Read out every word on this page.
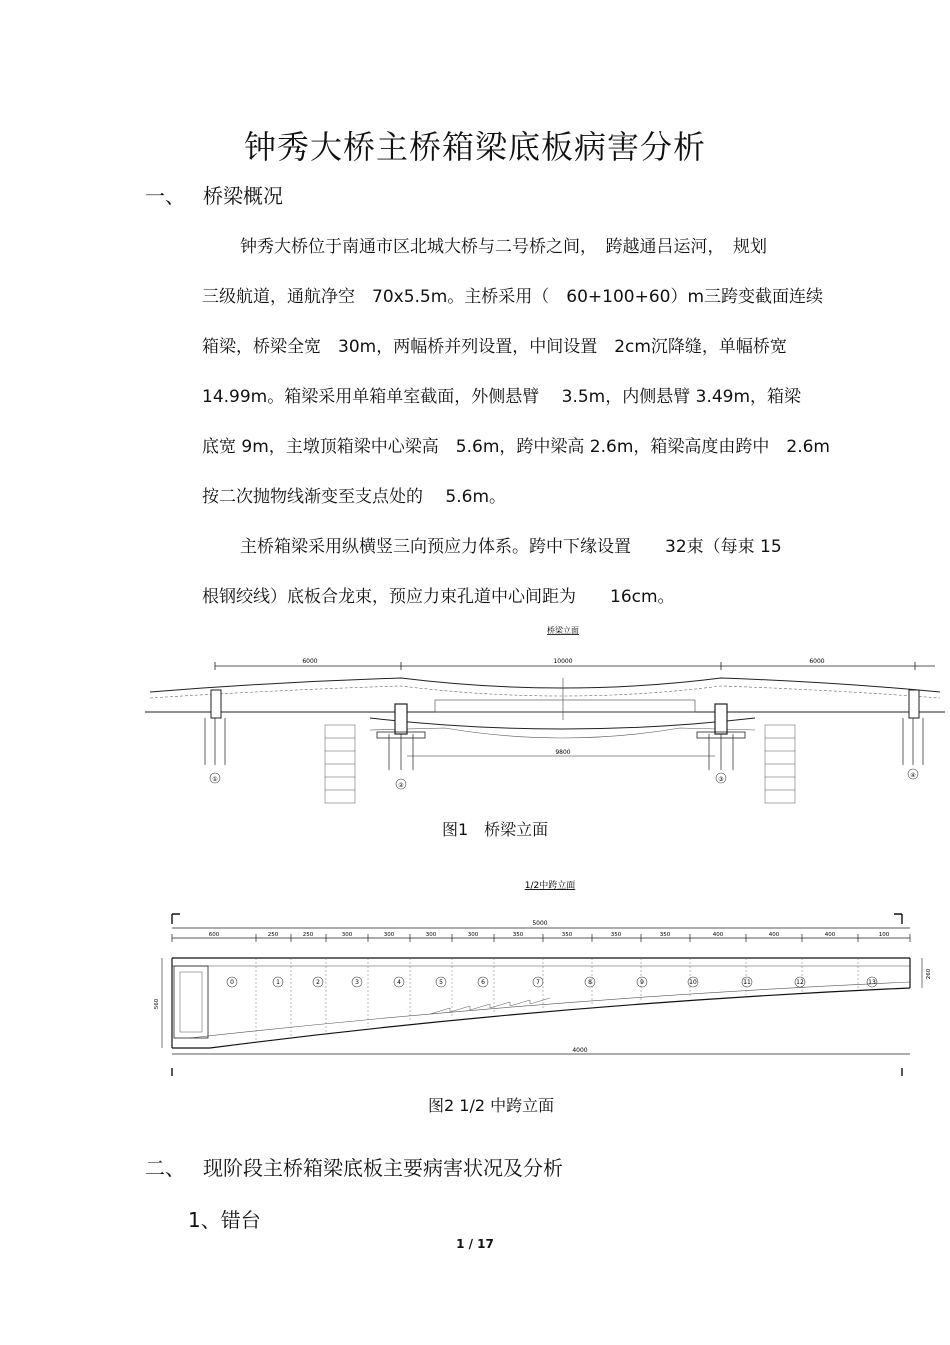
钟秀大桥主桥箱梁底板病害分析
一、 桥梁概况
钟秀大桥位于南通市区北城大桥与二号桥之间，　跨越通吕运河，　规划
三级航道，通航净空　70x5.5m。主桥采用（　60+100+60）m三跨变截面连续
箱梁，桥梁全宽　30m，两幅桥并列设置，中间设置　2cm沉降缝，单幅桥宽
14.99m。箱梁采用单箱单室截面，外侧悬臂　 3.5m，内侧悬臂 3.49m，箱梁
底宽 9m，主墩顶箱梁中心梁高　5.6m，跨中梁高 2.6m，箱梁高度由跨中　2.6m
按二次抛物线渐变至支点处的　 5.6m。
主桥箱梁采用纵横竖三向预应力体系。跨中下缘设置　　32束（每束 15
根钢绞线）底板合龙束，预应力束孔道中心间距为　　16cm。
桥梁立面
6000	10000	6000
9800
①
②
③
④
图1　桥梁立面
1/2中跨立面
5000
600	250	250	300	300	300	300	350	350	350	350	400	400	400	100
0	1	2	3	4	5	6	7	8	9	10	11	12	13
560
260
4000
图2 1/2 中跨立面
二、 现阶段主桥箱梁底板主要病害状况及分析
1、错台
1 / 17
